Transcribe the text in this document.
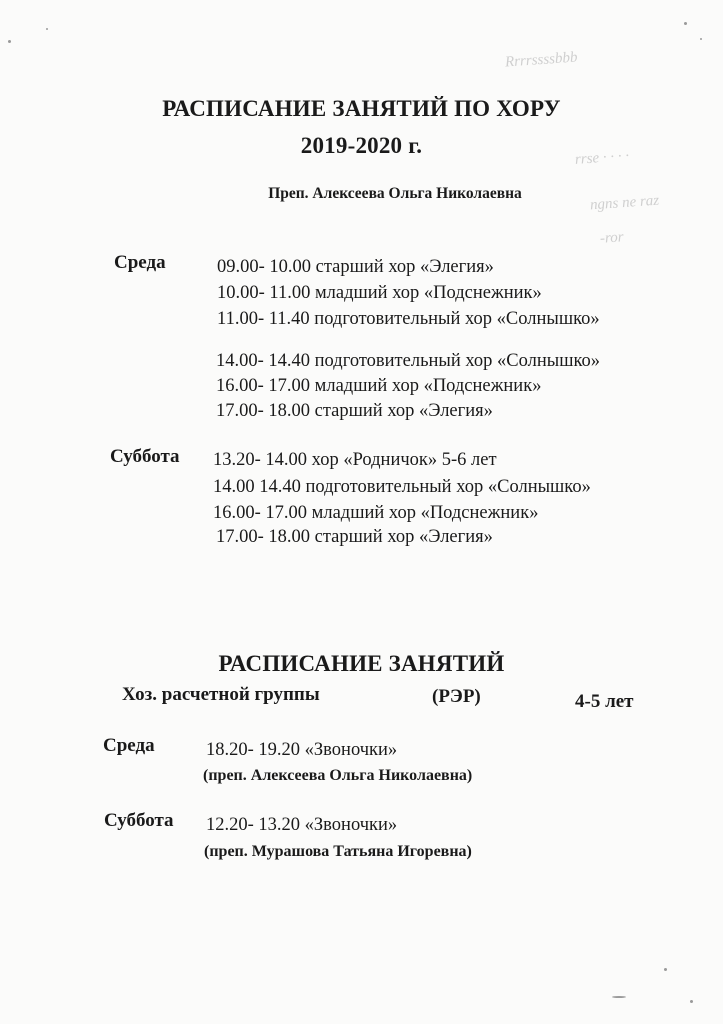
Rrrrssssbbb
rrse · · · ·
ngns ne raz
-ror
РАСПИСАНИЕ ЗАНЯТИЙ ПО ХОРУ
2019-2020 г.
Преп. Алексеева Ольга Николаевна
Среда	09.00- 10.00 старший хор «Элегия»
10.00- 11.00 младший хор «Подснежник»
11.00- 11.40 подготовительный хор «Солнышко»
14.00- 14.40 подготовительный хор «Солнышко»
16.00- 17.00 младший хор «Подснежник»
17.00- 18.00 старший хор «Элегия»
Суббота 13.20- 14.00 хор «Родничок» 5-6 лет
14.00 14.40 подготовительный хор «Солнышко»
16.00- 17.00 младший хор «Подснежник»
17.00- 18.00 старший хор «Элегия»
РАСПИСАНИЕ ЗАНЯТИЙ
Хоз. расчетной группы	(РЭР)	4-5 лет
Среда	18.20- 19.20 «Звоночки»
(преп. Алексеева Ольга Николаевна)
Суббота 12.20- 13.20 «Звоночки»
(преп. Мурашова Татьяна Игоревна)
